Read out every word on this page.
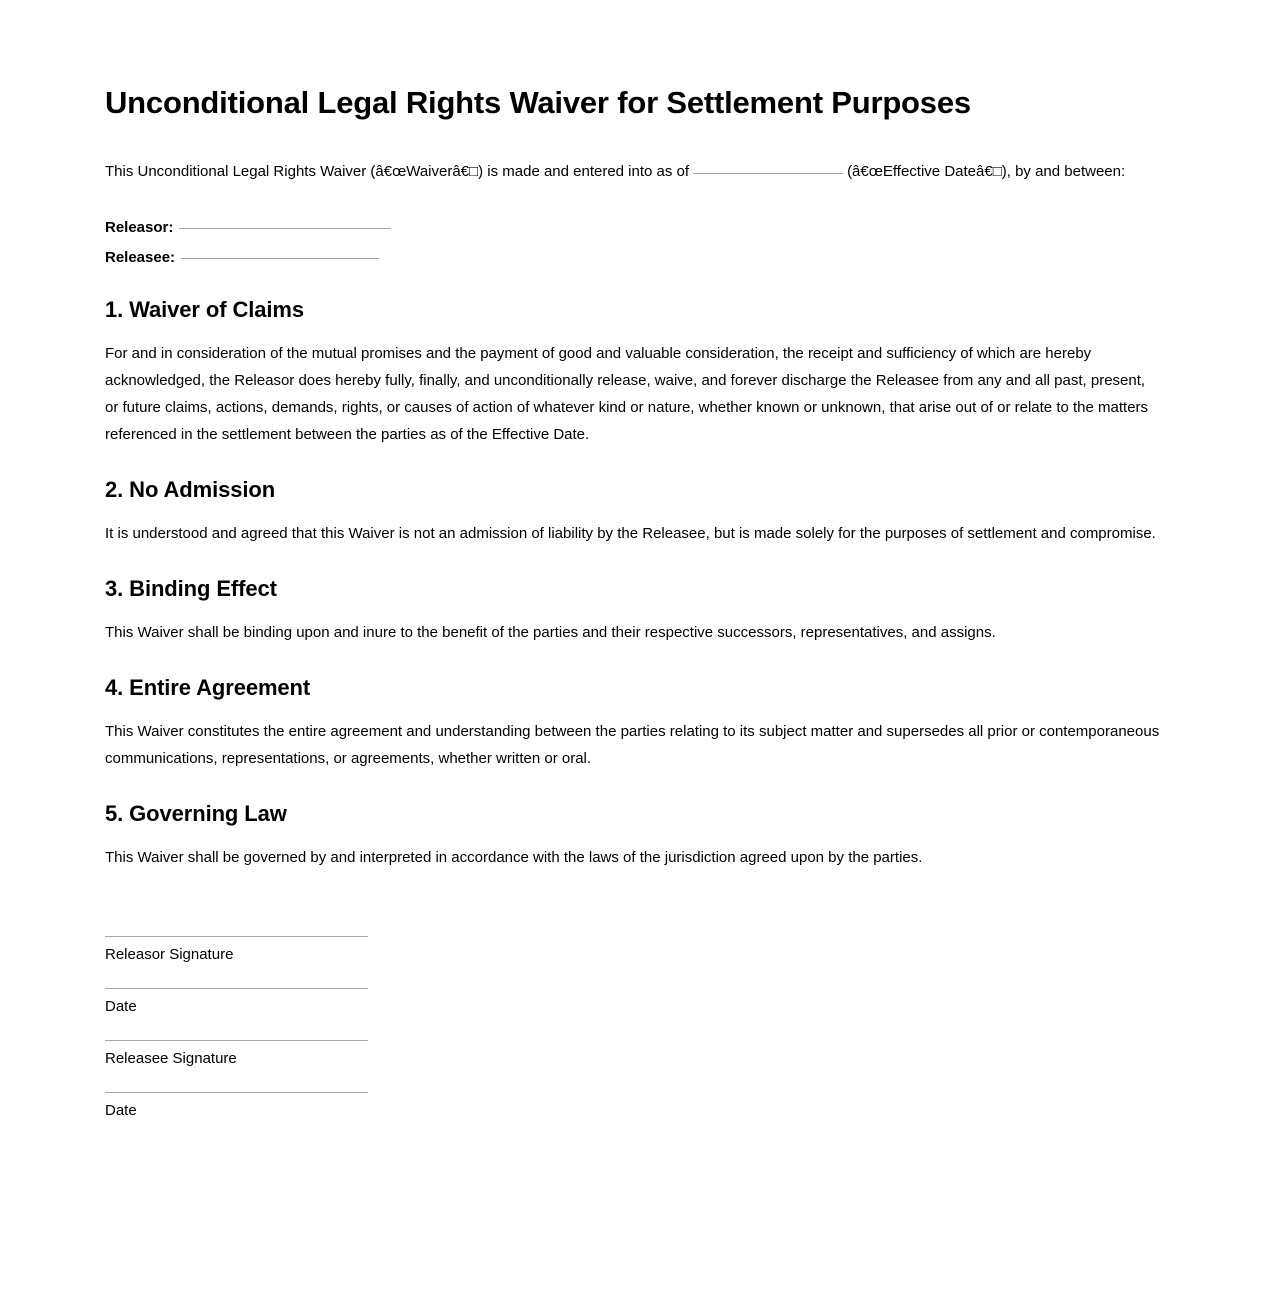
Unconditional Legal Rights Waiver for Settlement Purposes

This Unconditional Legal Rights Waiver (â€œWaiverâ€□) is made and entered into as of	(â€œEffective Dateâ€□), by and between:

Releasor:
Releasee:
1. Waiver of Claims

For and in consideration of the mutual promises and the payment of good and valuable consideration, the receipt and sufficiency of which are hereby acknowledged, the Releasor does hereby fully, finally, and unconditionally release, waive, and forever discharge the Releasee from any and all past, present, or future claims, actions, demands, rights, or causes of action of whatever kind or nature, whether known or unknown, that arise out of or relate to the matters referenced in the settlement between the parties as of the Effective Date.

2. No Admission

It is understood and agreed that this Waiver is not an admission of liability by the Releasee, but is made solely for the purposes of settlement and compromise.

3. Binding Effect

This Waiver shall be binding upon and inure to the benefit of the parties and their respective successors, representatives, and assigns.

4. Entire Agreement

This Waiver constitutes the entire agreement and understanding between the parties relating to its subject matter and supersedes all prior or contemporaneous communications, representations, or agreements, whether written or oral.

5. Governing Law

This Waiver shall be governed by and interpreted in accordance with the laws of the jurisdiction agreed upon by the parties.

Releasor Signature
Date
Releasee Signature
Date
